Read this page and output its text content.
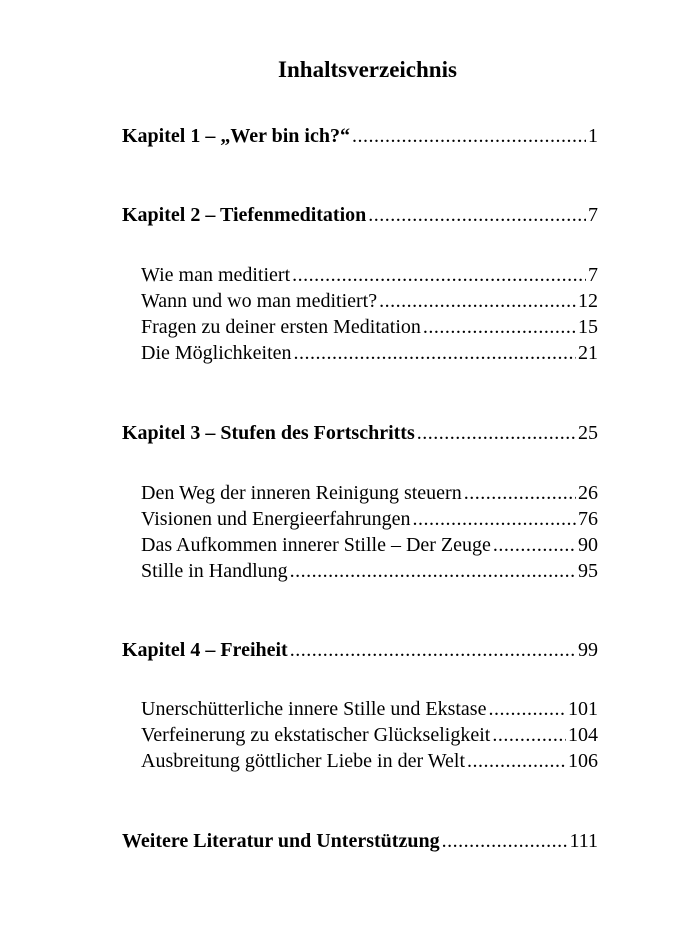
Inhaltsverzeichnis
Kapitel 1 – „Wer bin ich?“ .....	1
Kapitel 2 – Tiefenmeditation .....	7
Wie man meditiert .....	7
Wann und wo man meditiert? .....	12
Fragen zu deiner ersten Meditation .....	15
Die Möglichkeiten .....	21
Kapitel 3 – Stufen des Fortschritts .....	25
Den Weg der inneren Reinigung steuern .....	26
Visionen und Energieerfahrungen .....	76
Das Aufkommen innerer Stille – Der Zeuge .....	90
Stille in Handlung .....	95
Kapitel 4 – Freiheit .....	99
Unerschütterliche innere Stille und Ekstase .....	101
Verfeinerung zu ekstatischer Glückseligkeit .....	104
Ausbreitung göttlicher Liebe in der Welt .....	106
Weitere Literatur und Unterstützung .....	111
